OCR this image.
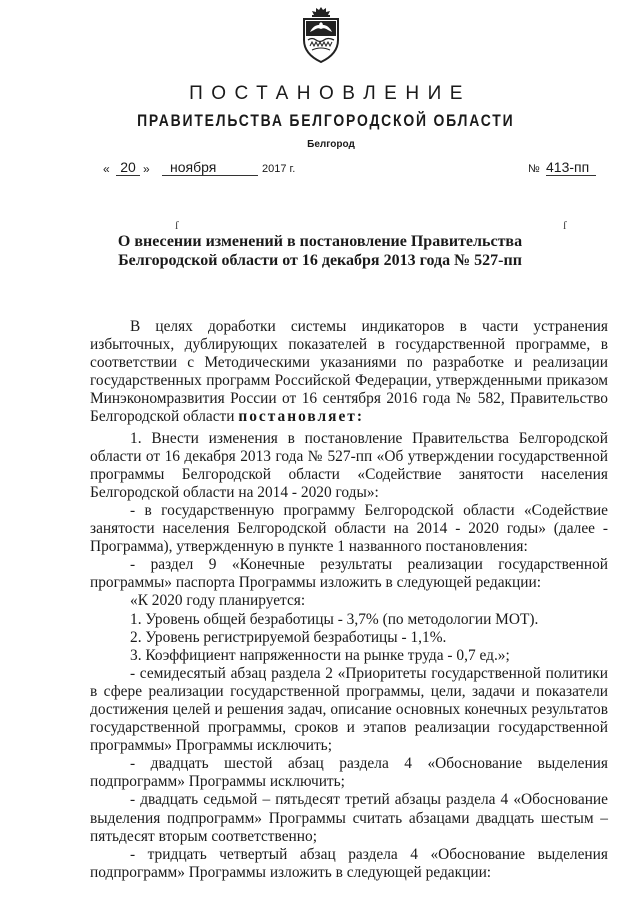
ПОСТАНОВЛЕНИЕ
ПРАВИТЕЛЬСТВА БЕЛГОРОДСКОЙ ОБЛАСТИ
Белгород
« 20 »	ноября	2017 г.	№ 413-пп
ſ	ſ
О внесении изменений в постановление Правительства
Белгородской области от 16 декабря 2013 года № 527-пп

В целях доработки системы индикаторов в части устранения избыточных, дублирующих показателей в государственной программе, в соответствии с Методическими указаниями по разработке и реализации государственных программ Российской Федерации, утвержденными приказом Минэкономразвития России от 16 сентября 2016 года № 582, Правительство Белгородской области постановляет:

1. Внести изменения в постановление Правительства Белгородской области от 16 декабря 2013 года № 527-пп «Об утверждении государственной программы Белгородской области «Содействие занятости населения Белгородской области на 2014 - 2020 годы»:

- в государственную программу Белгородской области «Содействие занятости населения Белгородской области на 2014 - 2020 годы» (далее - Программа), утвержденную в пункте 1 названного постановления:

- раздел 9 «Конечные результаты реализации государственной программы» паспорта Программы изложить в следующей редакции:

«К 2020 году планируется:

1. Уровень общей безработицы - 3,7% (по методологии МОТ).

2. Уровень регистрируемой безработицы - 1,1%.

3. Коэффициент напряженности на рынке труда - 0,7 ед.»;

- семидесятый абзац раздела 2 «Приоритеты государственной политики в сфере реализации государственной программы, цели, задачи и показатели достижения целей и решения задач, описание основных конечных результатов государственной программы, сроков и этапов реализации государственной программы» Программы исключить;

- двадцать шестой абзац раздела 4 «Обоснование выделения подпрограмм» Программы исключить;

- двадцать седьмой – пятьдесят третий абзацы раздела 4 «Обоснование выделения подпрограмм» Программы считать абзацами двадцать шестым – пятьдесят вторым соответственно;

- тридцать четвертый абзац раздела 4 «Обоснование выделения подпрограмм» Программы изложить в следующей редакции:
